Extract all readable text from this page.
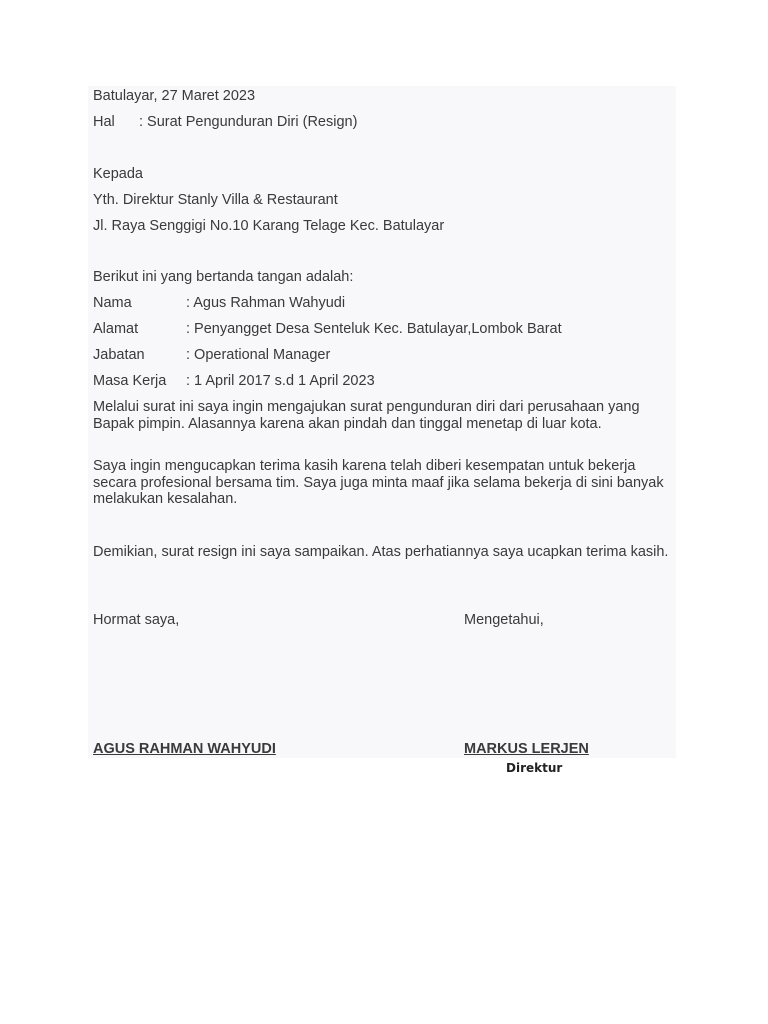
Batulayar, 27 Maret 2023
Hal : Surat Pengunduran Diri (Resign)
Kepada
Yth. Direktur Stanly Villa & Restaurant
Jl. Raya Senggigi No.10 Karang Telage Kec. Batulayar
Berikut ini yang bertanda tangan adalah:
Nama	: Agus Rahman Wahyudi
Alamat	: Penyangget Desa Senteluk Kec. Batulayar,Lombok Barat
Jabatan	: Operational Manager
Masa Kerja : 1 April 2017 s.d 1 April 2023
Melalui surat ini saya ingin mengajukan surat pengunduran diri dari perusahaan yang Bapak pimpin. Alasannya karena akan pindah dan tinggal menetap di luar kota.
Saya ingin mengucapkan terima kasih karena telah diberi kesempatan untuk bekerja secara profesional bersama tim. Saya juga minta maaf jika selama bekerja di sini banyak melakukan kesalahan.
Demikian, surat resign ini saya sampaikan. Atas perhatiannya saya ucapkan terima kasih.
Hormat saya,	Mengetahui,
AGUS RAHMAN WAHYUDI	MARKUS LERJEN
Direktur
